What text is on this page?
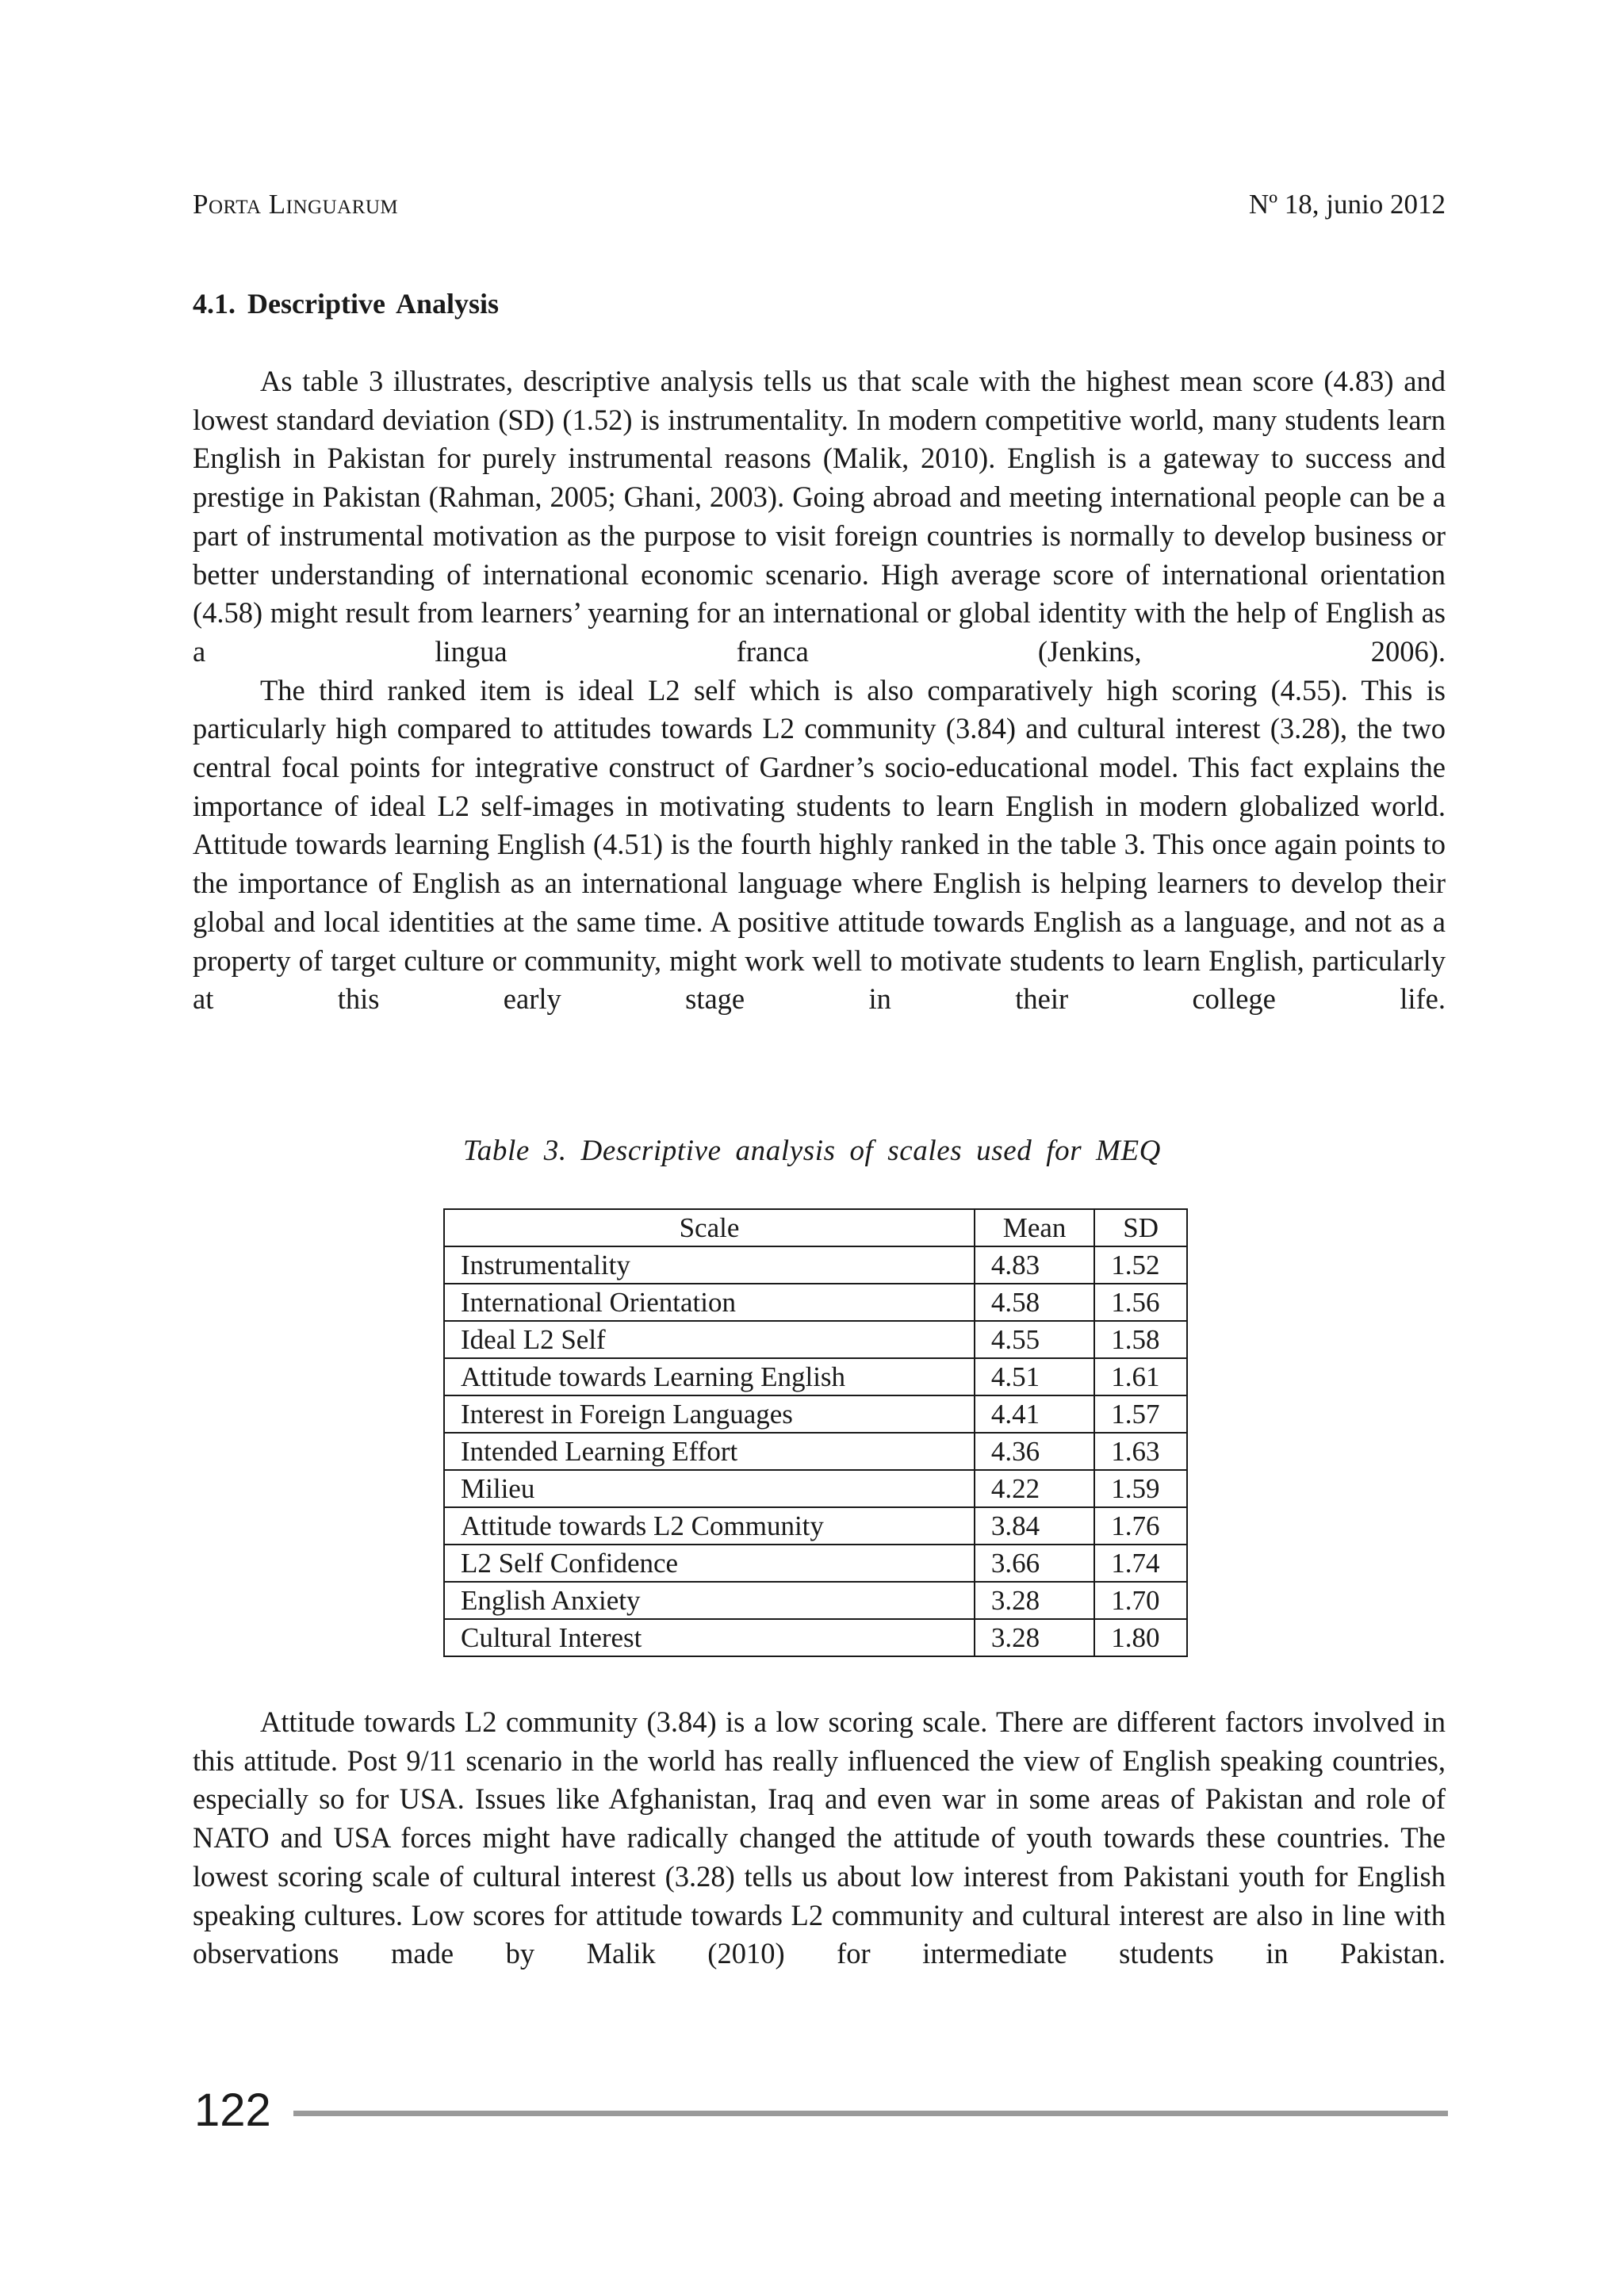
Porta Linguarum	Nº 18, junio 2012
4.1. Descriptive Analysis

As table 3 illustrates, descriptive analysis tells us that scale with the highest mean score (4.83) and lowest standard deviation (SD) (1.52) is instrumentality. In modern competitive world, many students learn English in Pakistan for purely instrumental reasons (Malik, 2010). English is a gateway to success and prestige in Pakistan (Rahman, 2005; Ghani, 2003). Going abroad and meeting international people can be a part of instrumental motivation as the purpose to visit foreign countries is normally to develop business or better understanding of international economic scenario. High average score of international orientation (4.58) might result from learners’ yearning for an international or global identity with the help of English as a lingua franca (Jenkins, 2006).

The third ranked item is ideal L2 self which is also comparatively high scoring (4.55). This is particularly high compared to attitudes towards L2 community (3.84) and cultural interest (3.28), the two central focal points for integrative construct of Gardner’s socio-educational model. This fact explains the importance of ideal L2 self-images in motivating students to learn English in modern globalized world. Attitude towards learning English (4.51) is the fourth highly ranked in the table 3. This once again points to the importance of English as an international language where English is helping learners to develop their global and local identities at the same time. A positive attitude towards English as a language, and not as a property of target culture or community, might work well to motivate students to learn English, particularly at this early stage in their college life.

Table 3. Descriptive analysis of scales used for MEQ
Scale	Mean	SD
Instrumentality	4.83	1.52
International Orientation	4.58	1.56
Ideal L2 Self	4.55	1.58
Attitude towards Learning English	4.51	1.61
Interest in Foreign Languages	4.41	1.57
Intended Learning Effort	4.36	1.63
Milieu	4.22	1.59
Attitude towards L2 Community	3.84	1.76
L2 Self Confidence	3.66	1.74
English Anxiety	3.28	1.70
Cultural Interest	3.28	1.80

Attitude towards L2 community (3.84) is a low scoring scale. There are different factors involved in this attitude. Post 9/11 scenario in the world has really influenced the view of English speaking countries, especially so for USA. Issues like Afghanistan, Iraq and even war in some areas of Pakistan and role of NATO and USA forces might have radically changed the attitude of youth towards these countries. The lowest scoring scale of cultural interest (3.28) tells us about low interest from Pakistani youth for English speaking cultures. Low scores for attitude towards L2 community and cultural interest are also in line with observations made by Malik (2010) for intermediate students in Pakistan.

122
